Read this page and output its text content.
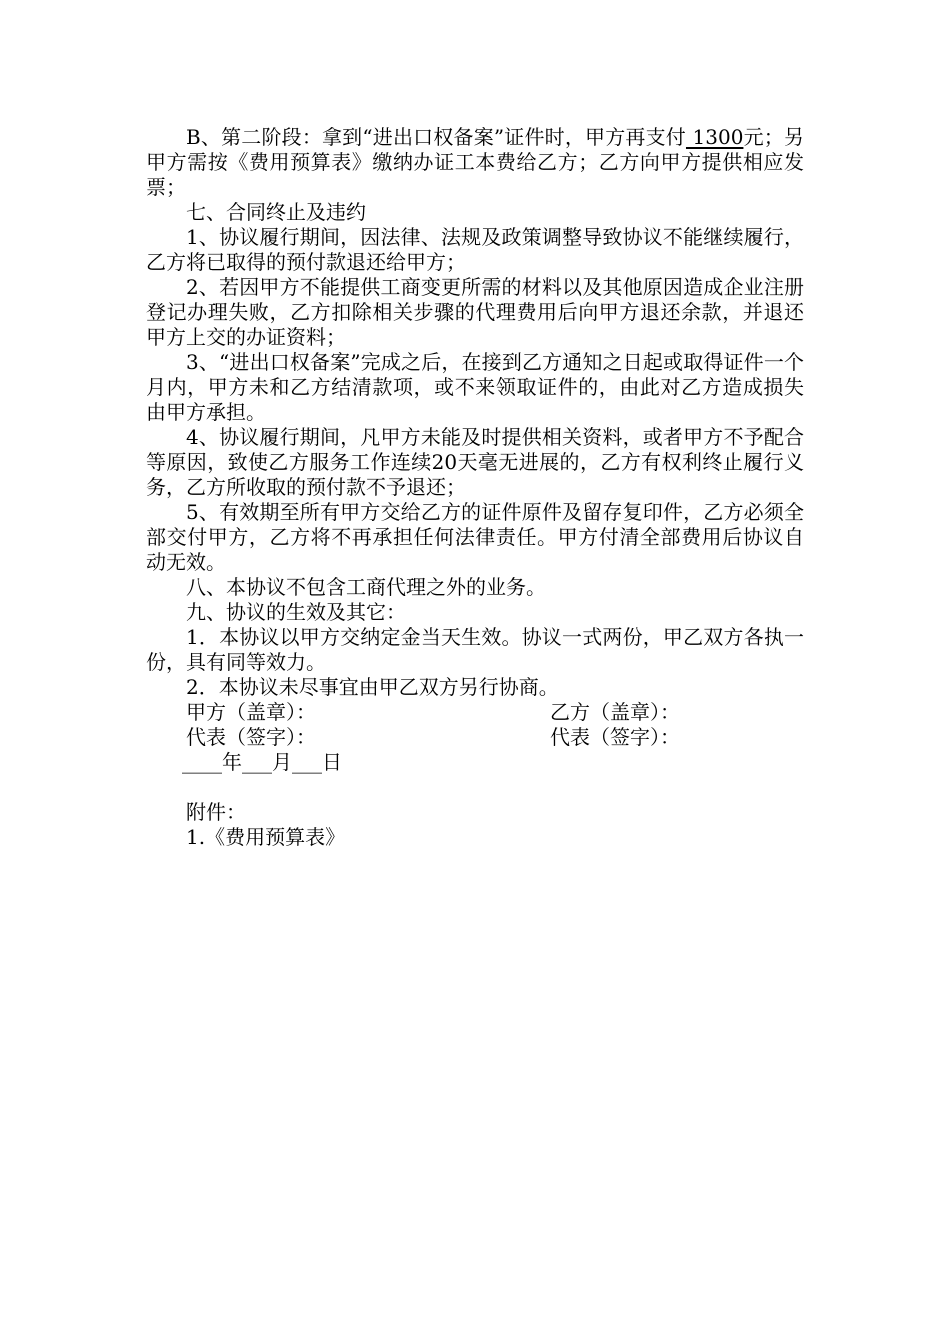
B、第二阶段：拿到“进出口权备案”证件时，甲方再支付 1300元；另甲方需按《费用预算表》缴纳办证工本费给乙方；乙方向甲方提供相应发票；

七、合同终止及违约

1、协议履行期间，因法律、法规及政策调整导致协议不能继续履行，乙方将已取得的预付款退还给甲方；

2、若因甲方不能提供工商变更所需的材料以及其他原因造成企业注册登记办理失败，乙方扣除相关步骤的代理费用后向甲方退还余款，并退还甲方上交的办证资料；

3、“进出口权备案”完成之后，在接到乙方通知之日起或取得证件一个月内，甲方未和乙方结清款项，或不来领取证件的，由此对乙方造成损失由甲方承担。

4、协议履行期间，凡甲方未能及时提供相关资料，或者甲方不予配合等原因，致使乙方服务工作连续20天毫无进展的，乙方有权利终止履行义务，乙方所收取的预付款不予退还；

5、有效期至所有甲方交给乙方的证件原件及留存复印件，乙方必须全部交付甲方，乙方将不再承担任何法律责任。甲方付清全部费用后协议自动无效。

八、本协议不包含工商代理之外的业务。

九、协议的生效及其它：

1．本协议以甲方交纳定金当天生效。协议一式两份，甲乙双方各执一份，具有同等效力。

2．本协议未尽事宜由甲乙双方另行协商。

甲方（盖章）：	乙方（盖章）：
代表（签字）：	代表（签字）：

____年___月___日

附件：

1.《费用预算表》
